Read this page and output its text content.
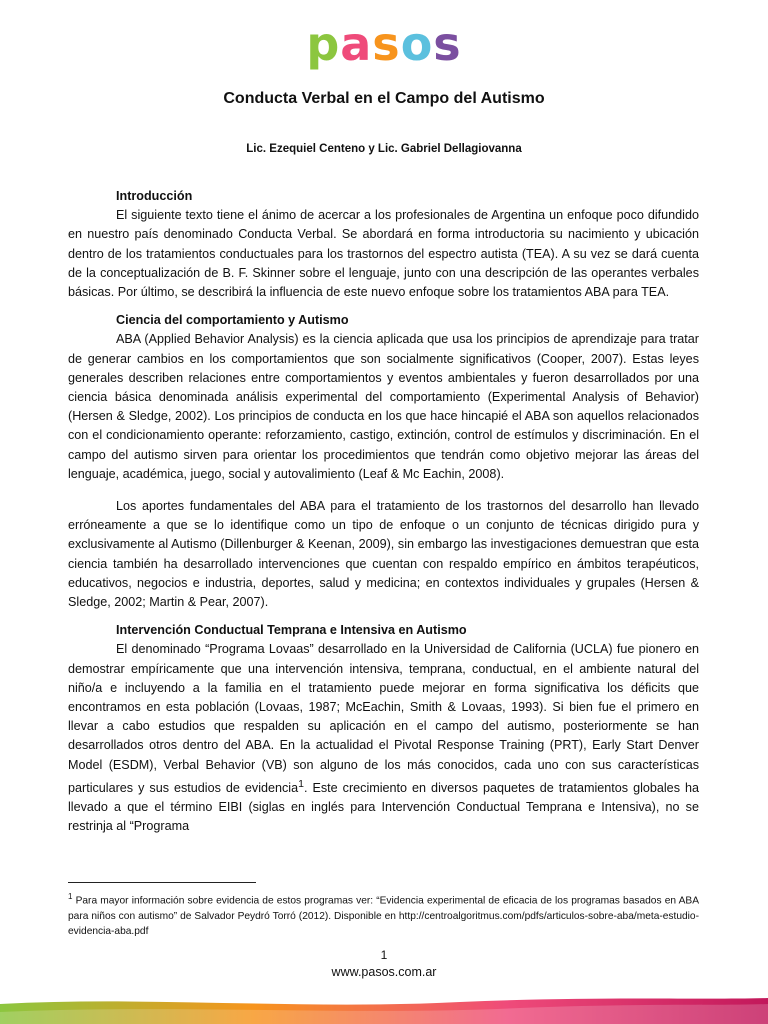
pasos
Conducta Verbal en el Campo del Autismo
Lic. Ezequiel Centeno y Lic. Gabriel Dellagiovanna

Introducción

El siguiente texto tiene el ánimo de acercar a los profesionales de Argentina un enfoque poco difundido en nuestro país denominado Conducta Verbal. Se abordará en forma introductoria su nacimiento y ubicación dentro de los tratamientos conductuales para los trastornos del espectro autista (TEA). A su vez se dará cuenta de la conceptualización de B. F. Skinner sobre el lenguaje, junto con una descripción de las operantes verbales básicas. Por último, se describirá la influencia de este nuevo enfoque sobre los tratamientos ABA para TEA.

Ciencia del comportamiento y Autismo

ABA (Applied Behavior Analysis) es la ciencia aplicada que usa los principios de aprendizaje para tratar de generar cambios en los comportamientos que son socialmente significativos (Cooper, 2007). Estas leyes generales describen relaciones entre comportamientos y eventos ambientales y fueron desarrollados por una ciencia básica denominada análisis experimental del comportamiento (Experimental Analysis of Behavior) (Hersen & Sledge, 2002). Los principios de conducta en los que hace hincapié el ABA son aquellos relacionados con el condicionamiento operante: reforzamiento, castigo, extinción, control de estímulos y discriminación. En el campo del autismo sirven para orientar los procedimientos que tendrán como objetivo mejorar las áreas del lenguaje, académica, juego, social y autovalimiento (Leaf & Mc Eachin, 2008).

Los aportes fundamentales del ABA para el tratamiento de los trastornos del desarrollo han llevado erróneamente a que se lo identifique como un tipo de enfoque o un conjunto de técnicas dirigido pura y exclusivamente al Autismo (Dillenburger & Keenan, 2009), sin embargo las investigaciones demuestran que esta ciencia también ha desarrollado intervenciones que cuentan con respaldo empírico en ámbitos terapéuticos, educativos, negocios e industria, deportes, salud y medicina; en contextos individuales y grupales (Hersen & Sledge, 2002; Martin & Pear, 2007).

Intervención Conductual Temprana e Intensiva en Autismo

El denominado “Programa Lovaas” desarrollado en la Universidad de California (UCLA) fue pionero en demostrar empíricamente que una intervención intensiva, temprana, conductual, en el ambiente natural del niño/a e incluyendo a la familia en el tratamiento puede mejorar en forma significativa los déficits que encontramos en esta población (Lovaas, 1987; McEachin, Smith & Lovaas, 1993). Si bien fue el primero en llevar a cabo estudios que respalden su aplicación en el campo del autismo, posteriormente se han desarrollados otros dentro del ABA. En la actualidad el Pivotal Response Training (PRT), Early Start Denver Model (ESDM), Verbal Behavior (VB) son alguno de los más conocidos, cada uno con sus características particulares y sus estudios de evidencia$^1$. Este crecimiento en diversos paquetes de tratamientos globales ha llevado a que el término EIBI (siglas en inglés para Intervención Conductual Temprana e Intensiva), no se restrinja al “Programa

$^1$ Para mayor información sobre evidencia de estos programas ver: “Evidencia experimental de eficacia de los programas basados en ABA para niños con autismo” de Salvador Peydró Torró (2012). Disponible en http://centroalgoritmus.com/pdfs/articulos-sobre-aba/meta-estudio-evidencia-aba.pdf
1
www.pasos.com.ar
